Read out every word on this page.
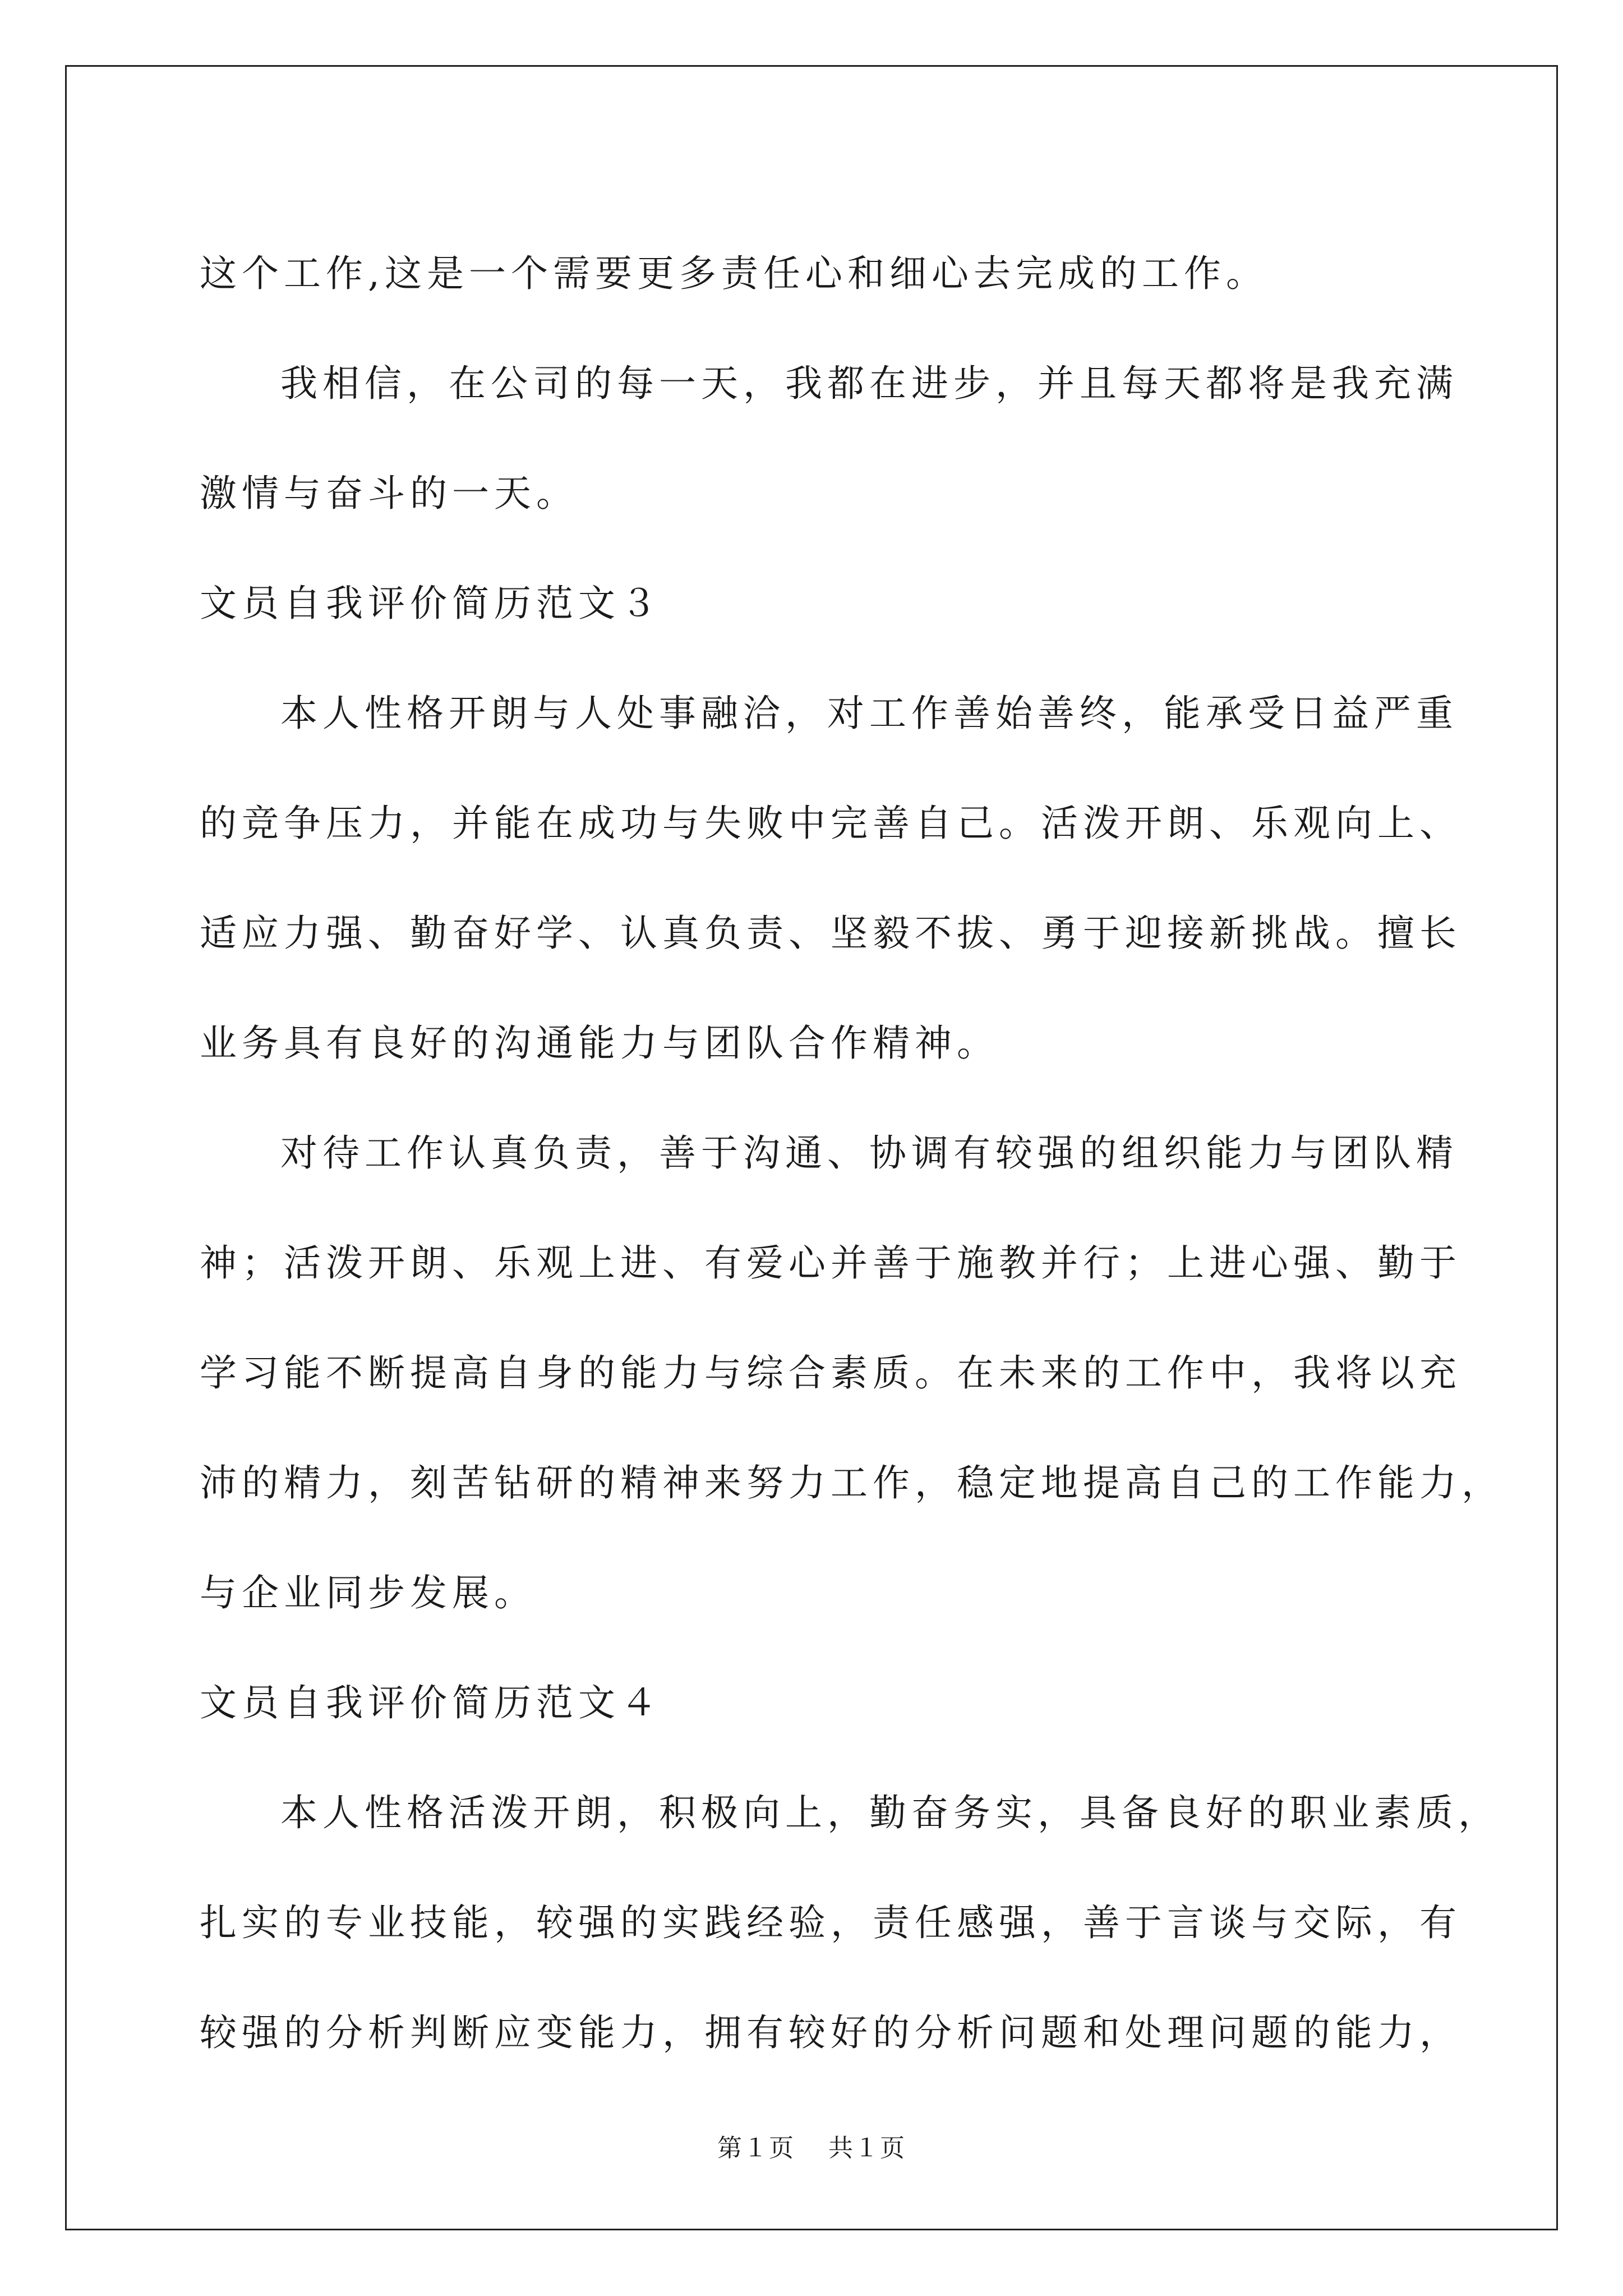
这个工作,这是一个需要更多责任心和细心去完成的工作。
我相信，在公司的每一天，我都在进步，并且每天都将是我充满
激情与奋斗的一天。
文员自我评价简历范文３
本人性格开朗与人处事融洽，对工作善始善终，能承受日益严重
的竞争压力，并能在成功与失败中完善自己。活泼开朗、乐观向上、
适应力强、勤奋好学、认真负责、坚毅不拔、勇于迎接新挑战。擅长
业务具有良好的沟通能力与团队合作精神。
对待工作认真负责，善于沟通、协调有较强的组织能力与团队精
神；活泼开朗、乐观上进、有爱心并善于施教并行；上进心强、勤于
学习能不断提高自身的能力与综合素质。在未来的工作中，我将以充
沛的精力，刻苦钻研的精神来努力工作，稳定地提高自己的工作能力，
与企业同步发展。
文员自我评价简历范文４
本人性格活泼开朗，积极向上，勤奋务实，具备良好的职业素质，
扎实的专业技能，较强的实践经验，责任感强，善于言谈与交际，有
较强的分析判断应变能力，拥有较好的分析问题和处理问题的能力，
第１页 共１页
